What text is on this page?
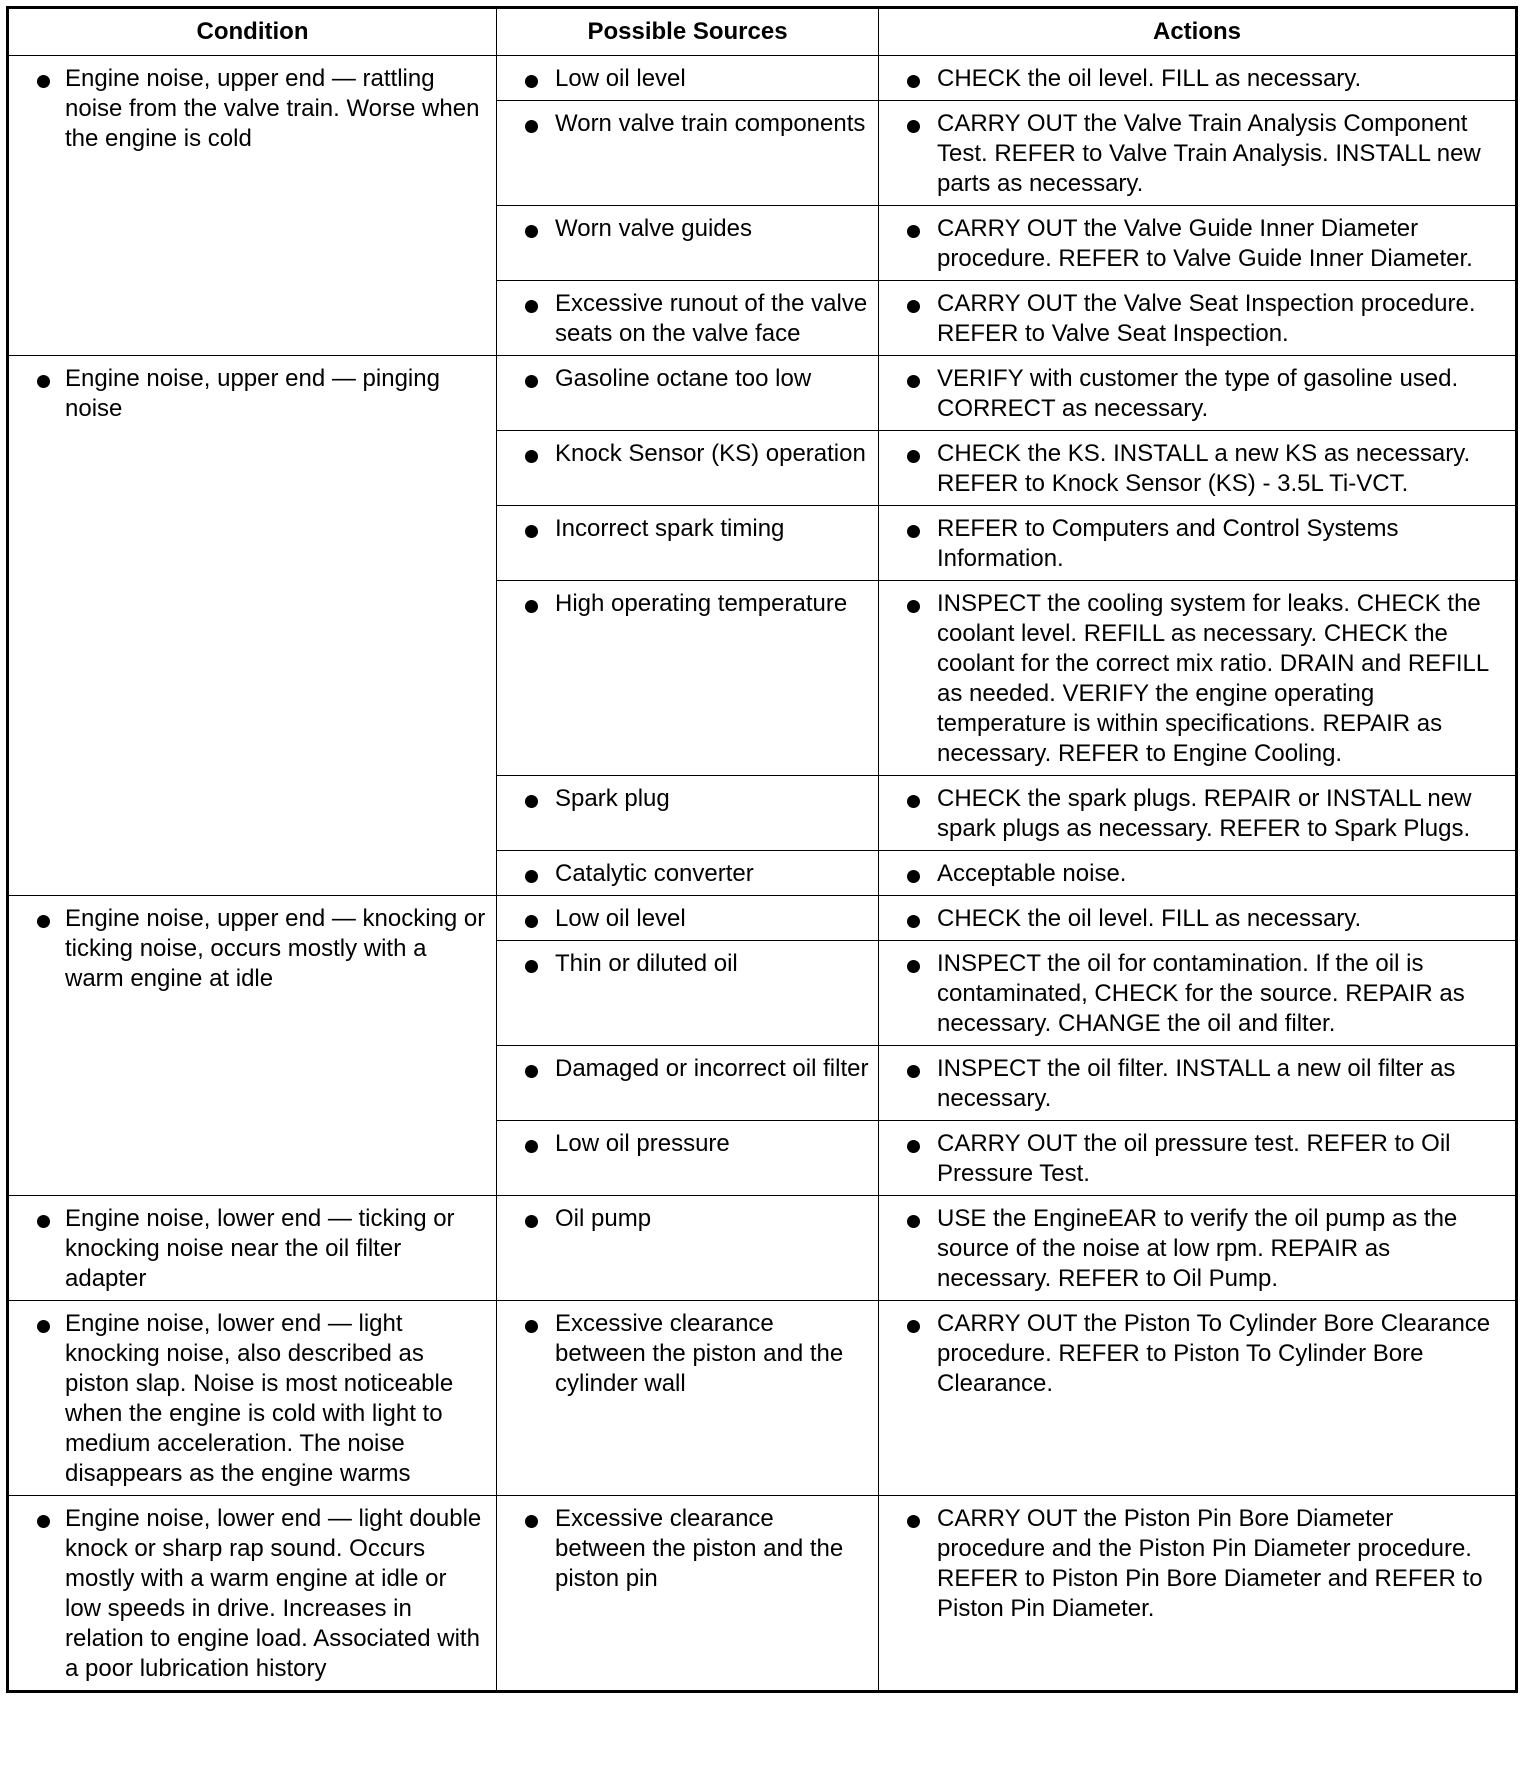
Condition	Possible Sources	Actions

Engine noise, upper end — rattling noise from the valve train. Worse when the engine is cold	Low oil level	CHECK the oil level. FILL as necessary.

Worn valve train components	CARRY OUT the Valve Train Analysis Component Test. REFER to Valve Train Analysis. INSTALL new parts as necessary.

Worn valve guides	CARRY OUT the Valve Guide Inner Diameter procedure. REFER to Valve Guide Inner Diameter.

Excessive runout of the valve seats on the valve face	CARRY OUT the Valve Seat Inspection procedure. REFER to Valve Seat Inspection.

Engine noise, upper end — pinging noise	Gasoline octane too low	VERIFY with customer the type of gasoline used. CORRECT as necessary.

Knock Sensor (KS) operation	CHECK the KS. INSTALL a new KS as necessary. REFER to Knock Sensor (KS) - 3.5L Ti-VCT.

Incorrect spark timing	REFER to Computers and Control Systems Information.

High operating temperature	INSPECT the cooling system for leaks. CHECK the coolant level. REFILL as necessary. CHECK the coolant for the correct mix ratio. DRAIN and REFILL as needed. VERIFY the engine operating temperature is within specifications. REPAIR as necessary. REFER to Engine Cooling.

Spark plug	CHECK the spark plugs. REPAIR or INSTALL new spark plugs as necessary. REFER to Spark Plugs.

Catalytic converter	Acceptable noise.

Engine noise, upper end — knocking or ticking noise, occurs mostly with a warm engine at idle	Low oil level	CHECK the oil level. FILL as necessary.

Thin or diluted oil	INSPECT the oil for contamination. If the oil is contaminated, CHECK for the source. REPAIR as necessary. CHANGE the oil and filter.

Damaged or incorrect oil filter	INSPECT the oil filter. INSTALL a new oil filter as necessary.

Low oil pressure	CARRY OUT the oil pressure test. REFER to Oil Pressure Test.

Engine noise, lower end — ticking or knocking noise near the oil filter adapter	Oil pump	USE the EngineEAR to verify the oil pump as the source of the noise at low rpm. REPAIR as necessary. REFER to Oil Pump.

Engine noise, lower end — light knocking noise, also described as piston slap. Noise is most noticeable when the engine is cold with light to medium acceleration. The noise disappears as the engine warms	Excessive clearance between the piston and the cylinder wall	CARRY OUT the Piston To Cylinder Bore Clearance procedure. REFER to Piston To Cylinder Bore Clearance.

Engine noise, lower end — light double knock or sharp rap sound. Occurs mostly with a warm engine at idle or low speeds in drive. Increases in relation to engine load. Associated with a poor lubrication history	Excessive clearance between the piston and the piston pin	CARRY OUT the Piston Pin Bore Diameter procedure and the Piston Pin Diameter procedure. REFER to Piston Pin Bore Diameter and REFER to Piston Pin Diameter.
